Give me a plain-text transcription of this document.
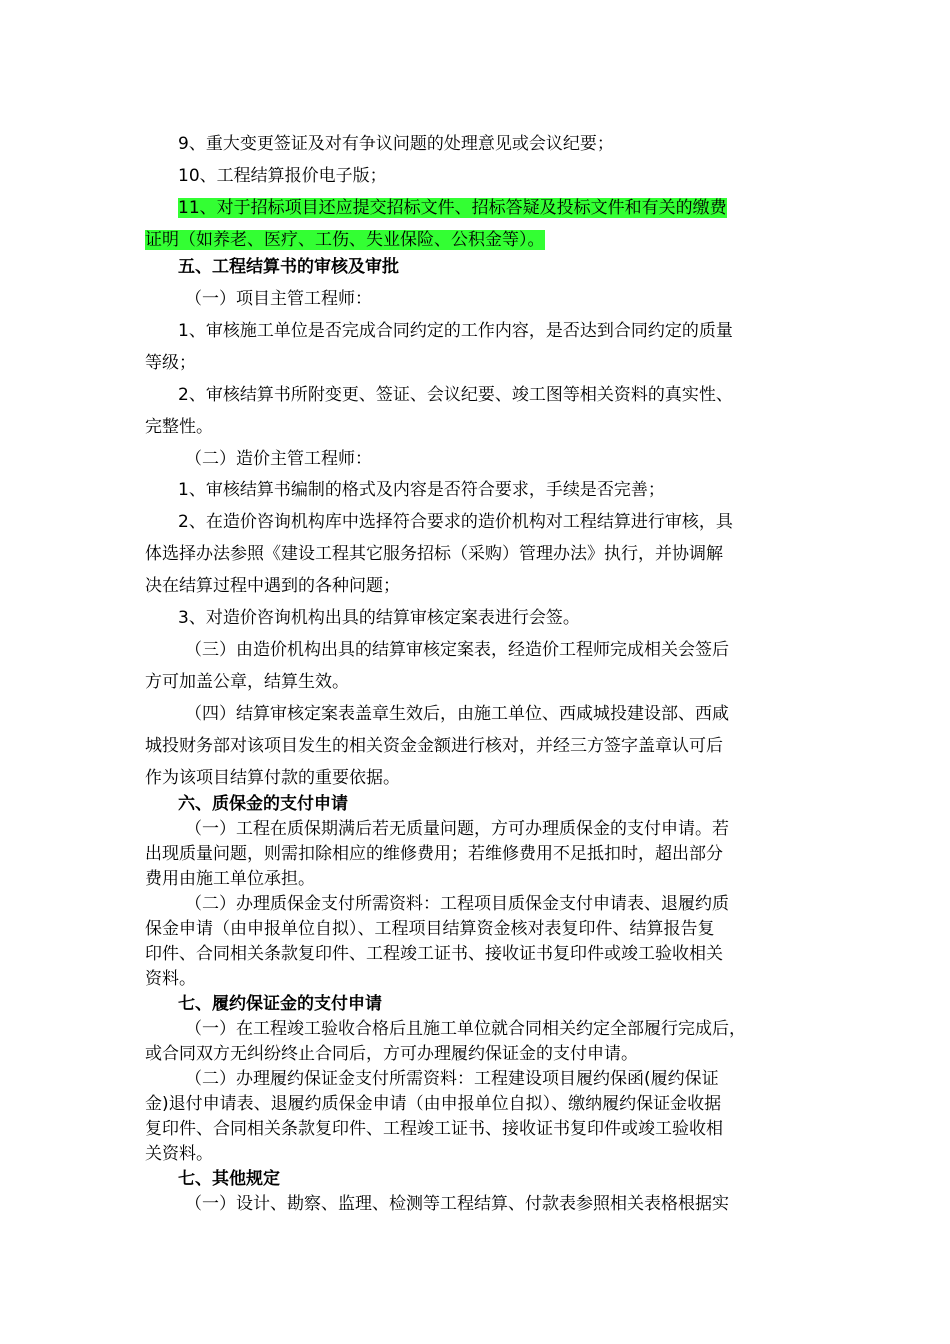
9、重大变更签证及对有争议问题的处理意见或会议纪要；
10、工程结算报价电子版；
11、对于招标项目还应提交招标文件、招标答疑及投标文件和有关的缴费
证明（如养老、医疗、工伤、失业保险、公积金等）。
五、工程结算书的审核及审批
（一）项目主管工程师：
1、审核施工单位是否完成合同约定的工作内容，是否达到合同约定的质量
等级；
2、审核结算书所附变更、签证、会议纪要、竣工图等相关资料的真实性、
完整性。
（二）造价主管工程师：
1、审核结算书编制的格式及内容是否符合要求，手续是否完善；
2、在造价咨询机构库中选择符合要求的造价机构对工程结算进行审核，具
体选择办法参照《建设工程其它服务招标（采购）管理办法》执行，并协调解
决在结算过程中遇到的各种问题；
3、对造价咨询机构出具的结算审核定案表进行会签。
（三）由造价机构出具的结算审核定案表，经造价工程师完成相关会签后
方可加盖公章，结算生效。
（四）结算审核定案表盖章生效后，由施工单位、西咸城投建设部、西咸
城投财务部对该项目发生的相关资金金额进行核对，并经三方签字盖章认可后
作为该项目结算付款的重要依据。
六、质保金的支付申请
（一）工程在质保期满后若无质量问题，方可办理质保金的支付申请。若
出现质量问题，则需扣除相应的维修费用；若维修费用不足抵扣时，超出部分
费用由施工单位承担。
（二）办理质保金支付所需资料：工程项目质保金支付申请表、退履约质
保金申请（由申报单位自拟）、工程项目结算资金核对表复印件、结算报告复
印件、合同相关条款复印件、工程竣工证书、接收证书复印件或竣工验收相关
资料。
七、履约保证金的支付申请
（一）在工程竣工验收合格后且施工单位就合同相关约定全部履行完成后，
或合同双方无纠纷终止合同后，方可办理履约保证金的支付申请。
（二）办理履约保证金支付所需资料：工程建设项目履约保函(履约保证
金)退付申请表、退履约质保金申请（由申报单位自拟）、缴纳履约保证金收据
复印件、合同相关条款复印件、工程竣工证书、接收证书复印件或竣工验收相
关资料。
七、其他规定
（一）设计、勘察、监理、检测等工程结算、付款表参照相关表格根据实
